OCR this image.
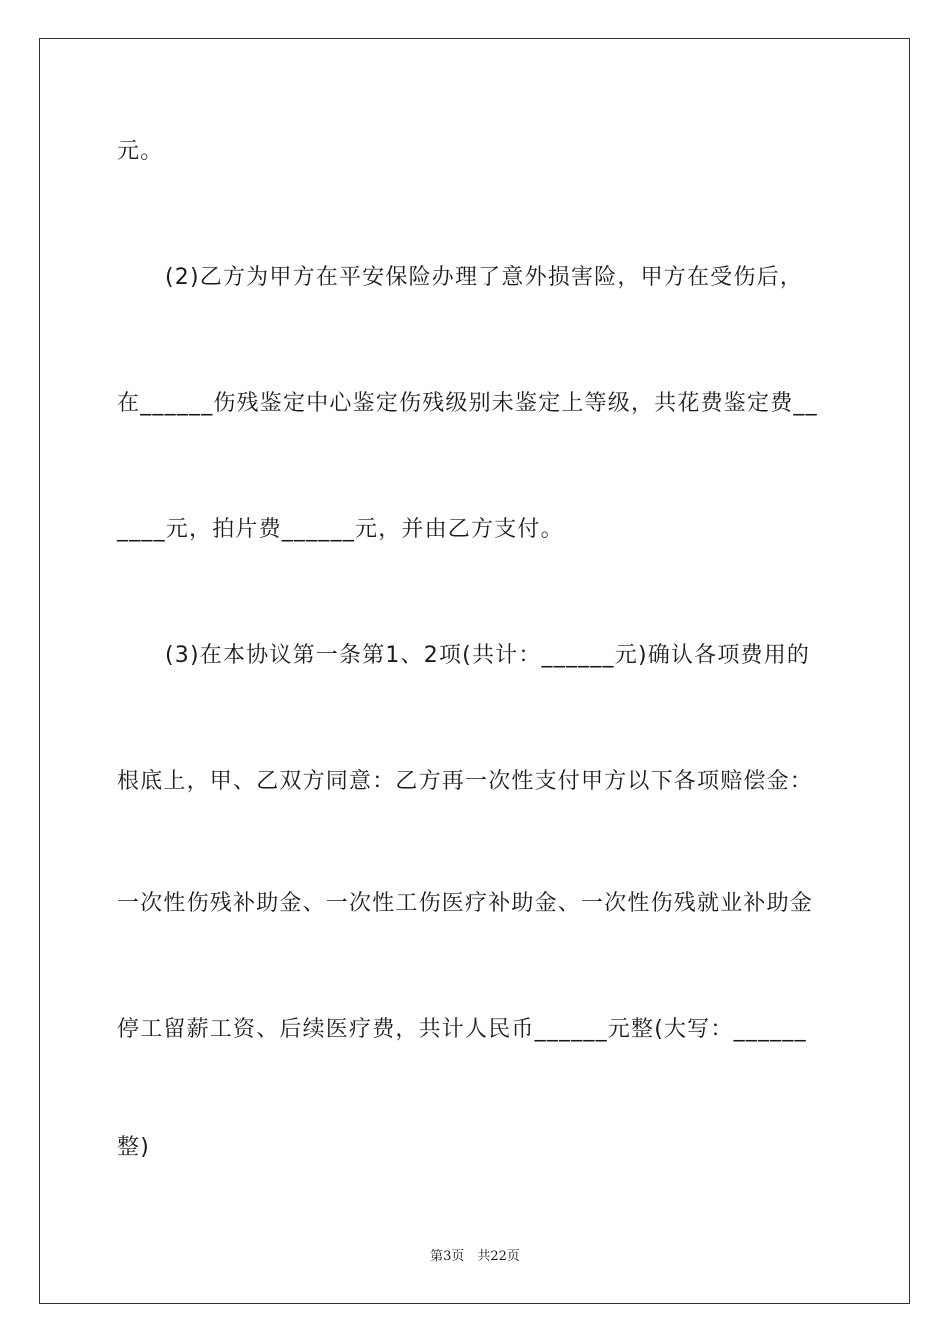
元。
(2)乙方为甲方在平安保险办理了意外损害险，甲方在受伤后，
在______伤残鉴定中心鉴定伤残级别未鉴定上等级，共花费鉴定费__
____元，拍片费______元，并由乙方支付。
(3)在本协议第一条第1、2项(共计：______元)确认各项费用的
根底上，甲、乙双方同意：乙方再一次性支付甲方以下各项赔偿金：
一次性伤残补助金、一次性工伤医疗补助金、一次性伤残就业补助金
停工留薪工资、后续医疗费，共计人民币______元整(大写：______
整)
第3页　共22页
